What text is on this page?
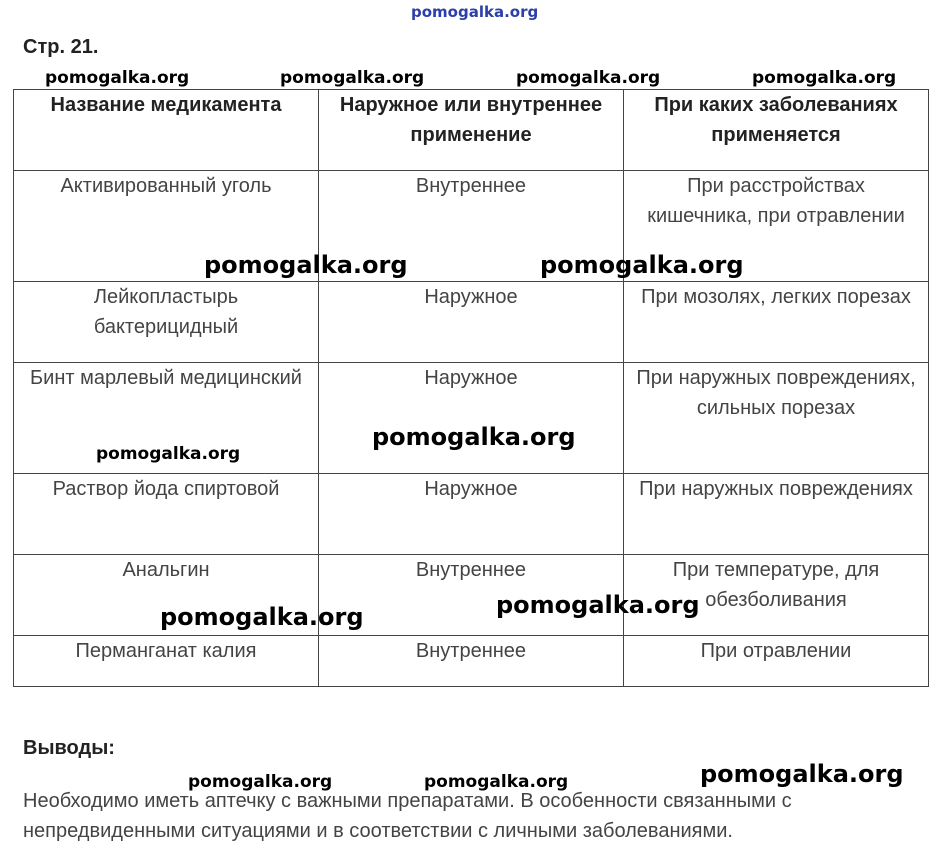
pomogalka.org
Стр. 21.
Название медикамента	Наружное или внутреннее применение	При каких заболеваниях применяется
Активированный уголь	Внутреннее	При расстройствах кишечника, при отравлении
Лейкопластырь бактерицидный	Наружное	При мозолях, легких порезах
Бинт марлевый медицинский	Наружное	При наружных повреждениях, сильных порезах
Раствор йода спиртовой	Наружное	При наружных повреждениях
Анальгин	Внутреннее	При температуре, для обезболивания
Перманганат калия	Внутреннее	При отравлении
Выводы:
Необходимо иметь аптечку с важными препаратами. В особенности связанными с непредвиденными ситуациями и в соответствии с личными заболеваниями.
pomogalka.org	pomogalka.org	pomogalka.org	pomogalka.org
pomogalka.org	pomogalka.org
pomogalka.org
pomogalka.org
pomogalka.org	pomogalka.org
pomogalka.org	pomogalka.org	pomogalka.org
